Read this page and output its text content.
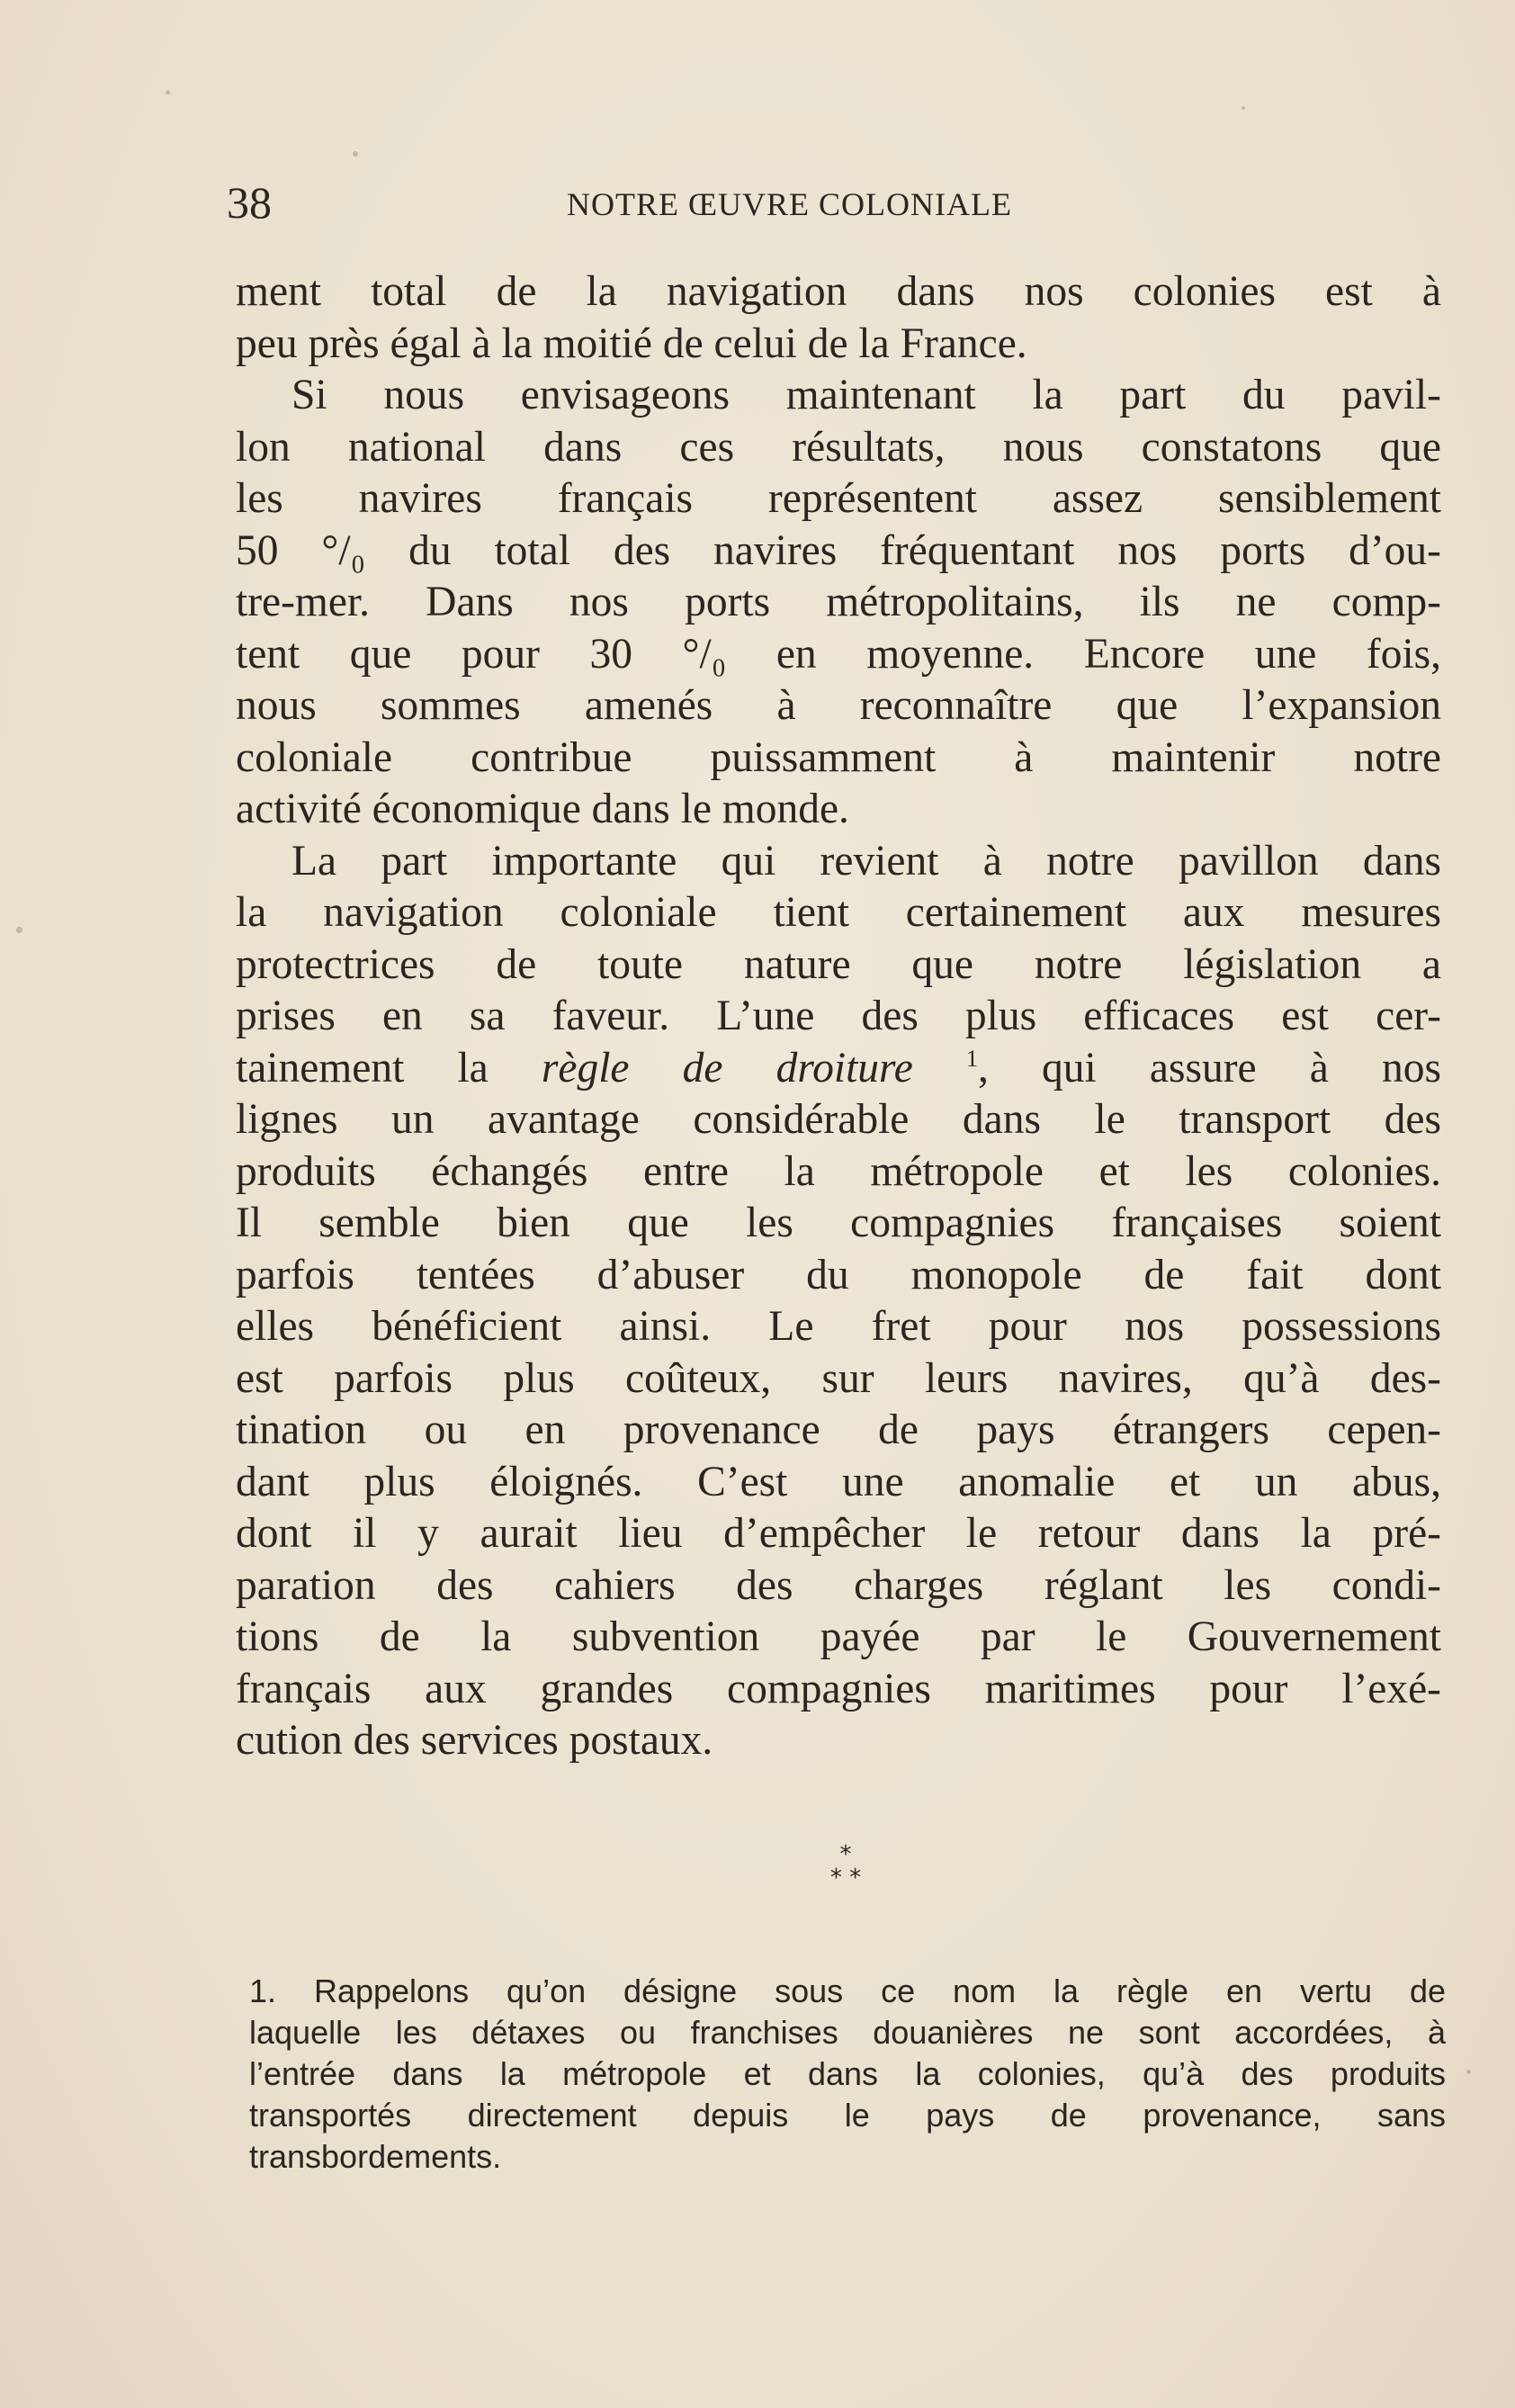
38	NOTRE ŒUVRE COLONIALE
ment total de la navigation dans nos colonies est à
peu près égal à la moitié de celui de la France.
Si nous envisageons maintenant la part du pavil-
lon national dans ces résultats, nous constatons que
les navires français représentent assez sensiblement
50 °/₀ du total des navires fréquentant nos ports d’ou-
tre-mer. Dans nos ports métropolitains, ils ne comp-
tent que pour 30 °/₀ en moyenne. Encore une fois,
nous sommes amenés à reconnaître que l’expansion
coloniale contribue puissamment à maintenir notre
activité économique dans le monde.
La part importante qui revient à notre pavillon dans
la navigation coloniale tient certainement aux mesures
protectrices de toute nature que notre législation a
prises en sa faveur. L’une des plus efficaces est cer-
tainement la règle de droiture $^1$, qui assure à nos
lignes un avantage considérable dans le transport des
produits échangés entre la métropole et les colonies.
Il semble bien que les compagnies françaises soient
parfois tentées d’abuser du monopole de fait dont
elles bénéficient ainsi. Le fret pour nos possessions
est parfois plus coûteux, sur leurs navires, qu’à des-
tination ou en provenance de pays étrangers cepen-
dant plus éloignés. C’est une anomalie et un abus,
dont il y aurait lieu d’empêcher le retour dans la pré-
paration des cahiers des charges réglant les condi-
tions de la subvention payée par le Gouvernement
français aux grandes compagnies maritimes pour l’exé-
cution des services postaux.
*
* *
1. Rappelons qu’on désigne sous ce nom la règle en vertu de
laquelle les détaxes ou franchises douanières ne sont accordées, à
l’entrée dans la métropole et dans la colonies, qu’à des produits
transportés directement depuis le pays de provenance, sans
transbordements.
